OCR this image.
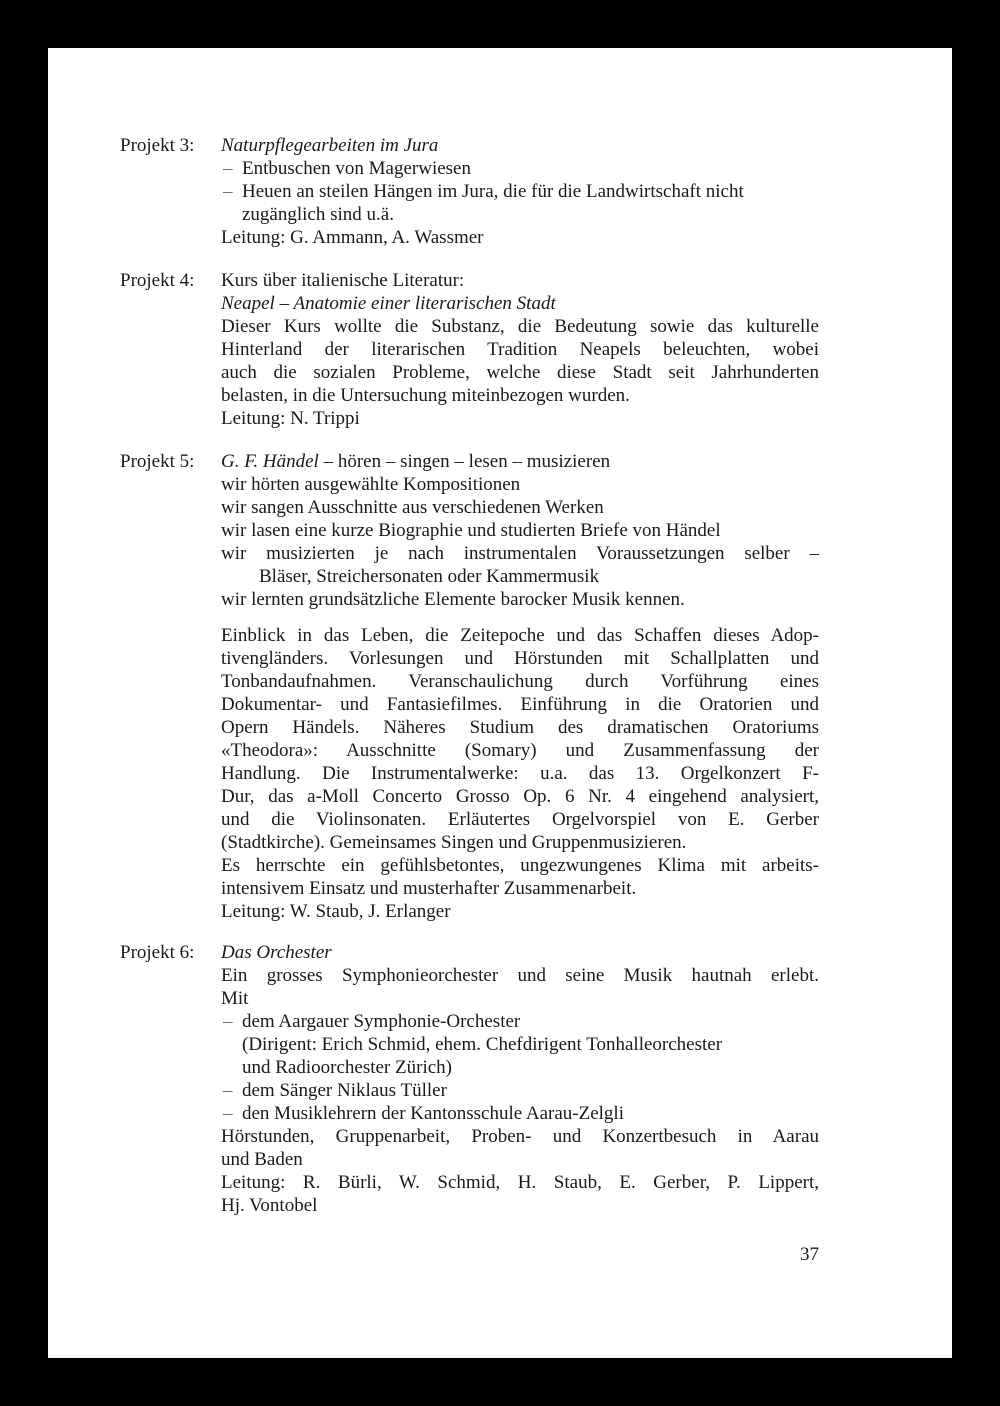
Projekt 3: Naturpflegearbeiten im Jura
– Entbuschen von Magerwiesen
– Heuen an steilen Hängen im Jura, die für die Landwirtschaft nicht
zugänglich sind u.ä.
Leitung: G. Ammann, A. Wassmer
Projekt 4: Kurs über italienische Literatur:
Neapel – Anatomie einer literarischen Stadt
Dieser Kurs wollte die Substanz, die Bedeutung sowie das kulturelle
Hinterland der literarischen Tradition Neapels beleuchten, wobei
auch die sozialen Probleme, welche diese Stadt seit Jahrhunderten
belasten, in die Untersuchung miteinbezogen wurden.
Leitung: N. Trippi
Projekt 5: G. F. Händel – hören – singen – lesen – musizieren
wir hörten ausgewählte Kompositionen
wir sangen Ausschnitte aus verschiedenen Werken
wir lasen eine kurze Biographie und studierten Briefe von Händel
wir musizierten je nach instrumentalen Voraussetzungen selber –
Bläser, Streichersonaten oder Kammermusik
wir lernten grundsätzliche Elemente barocker Musik kennen.
Einblick in das Leben, die Zeitepoche und das Schaffen dieses Adop-
tivengländers. Vorlesungen und Hörstunden mit Schallplatten und
Tonbandaufnahmen. Veranschaulichung durch Vorführung eines
Dokumentar- und Fantasiefilmes. Einführung in die Oratorien und
Opern Händels. Näheres Studium des dramatischen Oratoriums
«Theodora»: Ausschnitte (Somary) und Zusammenfassung der
Handlung. Die Instrumentalwerke: u.a. das 13. Orgelkonzert F-
Dur, das a-Moll Concerto Grosso Op. 6 Nr. 4 eingehend analysiert,
und die Violinsonaten. Erläutertes Orgelvorspiel von E. Gerber
(Stadtkirche). Gemeinsames Singen und Gruppenmusizieren.
Es herrschte ein gefühlsbetontes, ungezwungenes Klima mit arbeits-
intensivem Einsatz und musterhafter Zusammenarbeit.
Leitung: W. Staub, J. Erlanger
Projekt 6: Das Orchester
Ein grosses Symphonieorchester und seine Musik hautnah erlebt.
Mit
– dem Aargauer Symphonie-Orchester
(Dirigent: Erich Schmid, ehem. Chefdirigent Tonhalleorchester
und Radioorchester Zürich)
– dem Sänger Niklaus Tüller
– den Musiklehrern der Kantonsschule Aarau-Zelgli
Hörstunden, Gruppenarbeit, Proben- und Konzertbesuch in Aarau
und Baden
Leitung: R. Bürli, W. Schmid, H. Staub, E. Gerber, P. Lippert,
Hj. Vontobel
37
